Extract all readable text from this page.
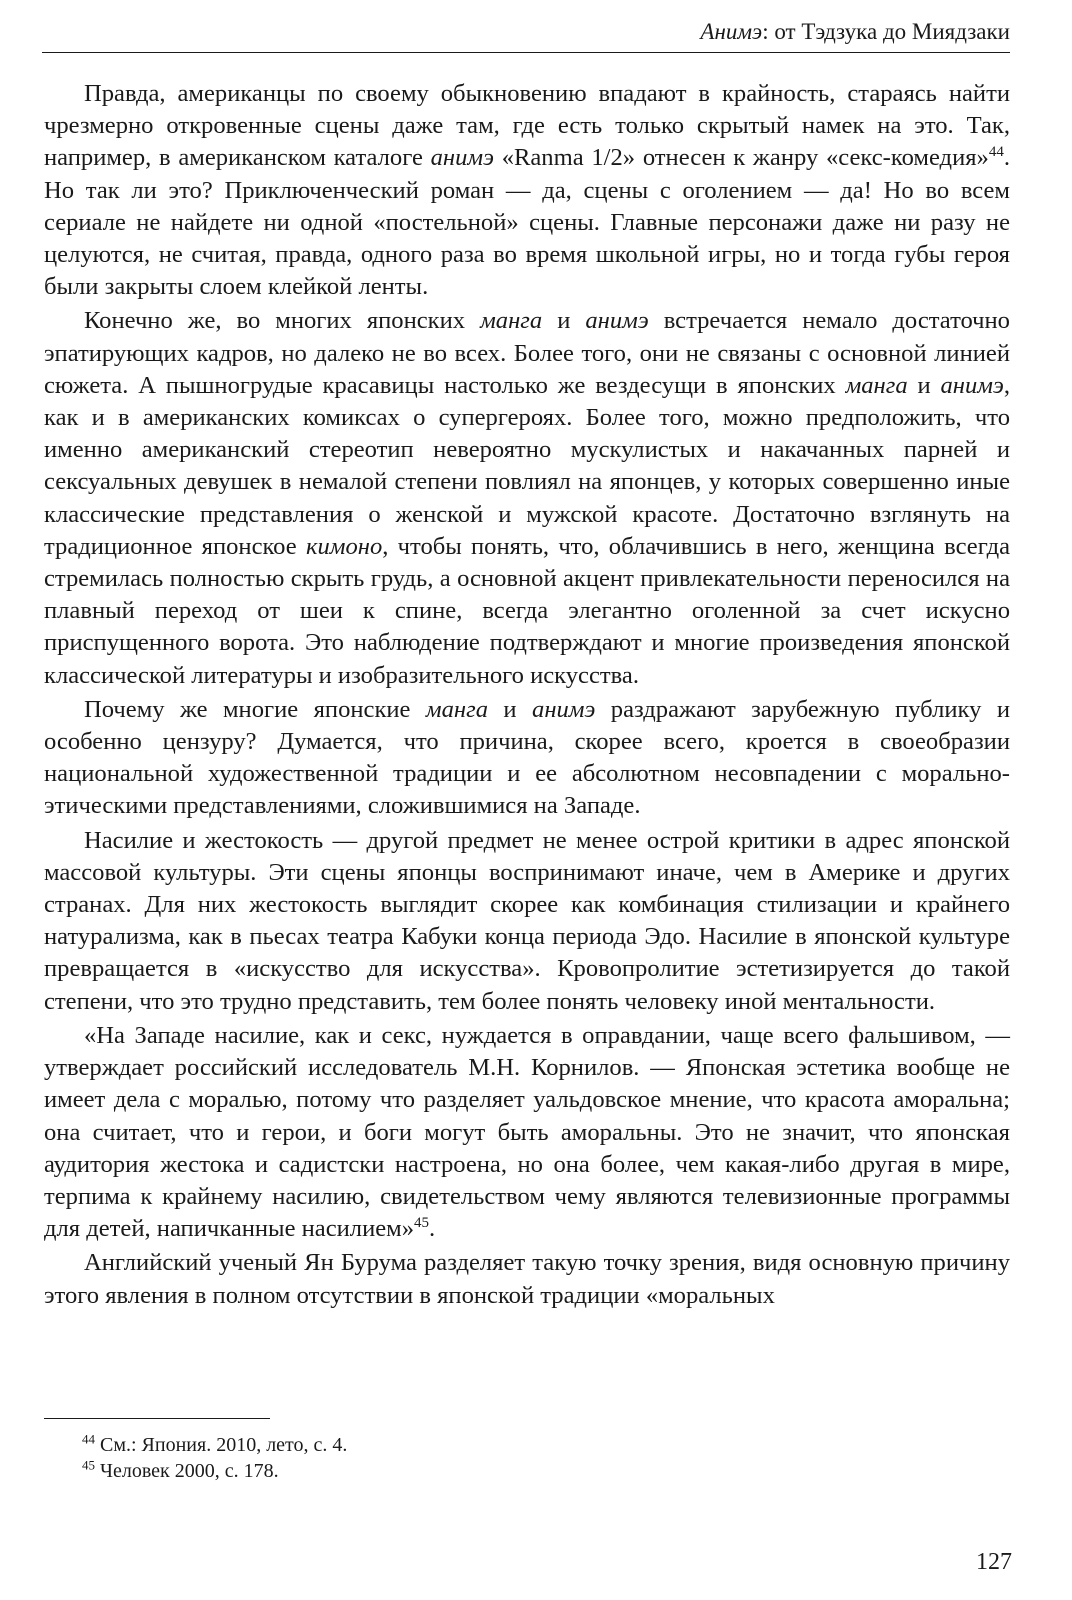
Анимэ: от Тэдзука до Миядзаки

Правда, американцы по своему обыкновению впадают в крайность, стараясь найти чрезмерно откровенные сцены даже там, где есть только скрытый намек на это. Так, например, в американском каталоге анимэ «Ranma 1/2» отнесен к жанру «секс-комедия»$^{44}$. Но так ли это? Приключенческий роман — да, сцены с оголением — да! Но во всем сериале не найдете ни одной «постельной» сцены. Главные персонажи даже ни разу не целуются, не считая, правда, одного раза во время школьной игры, но и тогда губы героя были закрыты слоем клейкой ленты.

Конечно же, во многих японских манга и анимэ встречается немало достаточно эпатирующих кадров, но далеко не во всех. Более того, они не связаны с основной линией сюжета. А пышногрудые красавицы настолько же вездесущи в японских манга и анимэ, как и в американских комиксах о супергероях. Более того, можно предположить, что именно американский стереотип невероятно мускулистых и накачанных парней и сексуальных девушек в немалой степени повлиял на японцев, у которых совершенно иные классические представления о женской и мужской красоте. Достаточно взглянуть на традиционное японское кимоно, чтобы понять, что, облачившись в него, женщина всегда стремилась полностью скрыть грудь, а основной акцент привлекательности переносился на плавный переход от шеи к спине, всегда элегантно оголенной за счет искусно приспущенного ворота. Это наблюдение подтверждают и многие произведения японской классической литературы и изобразительного искусства.

Почему же многие японские манга и анимэ раздражают зарубежную публику и особенно цензуру? Думается, что причина, скорее всего, кроется в своеобразии национальной художественной традиции и ее абсолютном несовпадении с морально-этическими представлениями, сложившимися на Западе.

Насилие и жестокость — другой предмет не менее острой критики в адрес японской массовой культуры. Эти сцены японцы воспринимают иначе, чем в Америке и других странах. Для них жестокость выглядит скорее как комбинация стилизации и крайнего натурализма, как в пьесах театра Кабуки конца периода Эдо. Насилие в японской культуре превращается в «искусство для искусства». Кровопролитие эстетизируется до такой степени, что это трудно представить, тем более понять человеку иной ментальности.

«На Западе насилие, как и секс, нуждается в оправдании, чаще всего фальшивом, — утверждает российский исследователь М.Н. Корнилов. — Японская эстетика вообще не имеет дела с моралью, потому что разделяет уальдовское мнение, что красота аморальна; она считает, что и герои, и боги могут быть аморальны. Это не значит, что японская аудитория жестока и садистски настроена, но она более, чем какая-либо другая в мире, терпима к крайнему насилию, свидетельством чему являются телевизионные программы для детей, напичканные насилием»$^{45}$.

Английский ученый Ян Бурума разделяет такую точку зрения, видя основную причину этого явления в полном отсутствии в японской традиции «моральных

$^{44}$ См.: Япония. 2010, лето, с. 4.
$^{45}$ Человек 2000, с. 178.
127
